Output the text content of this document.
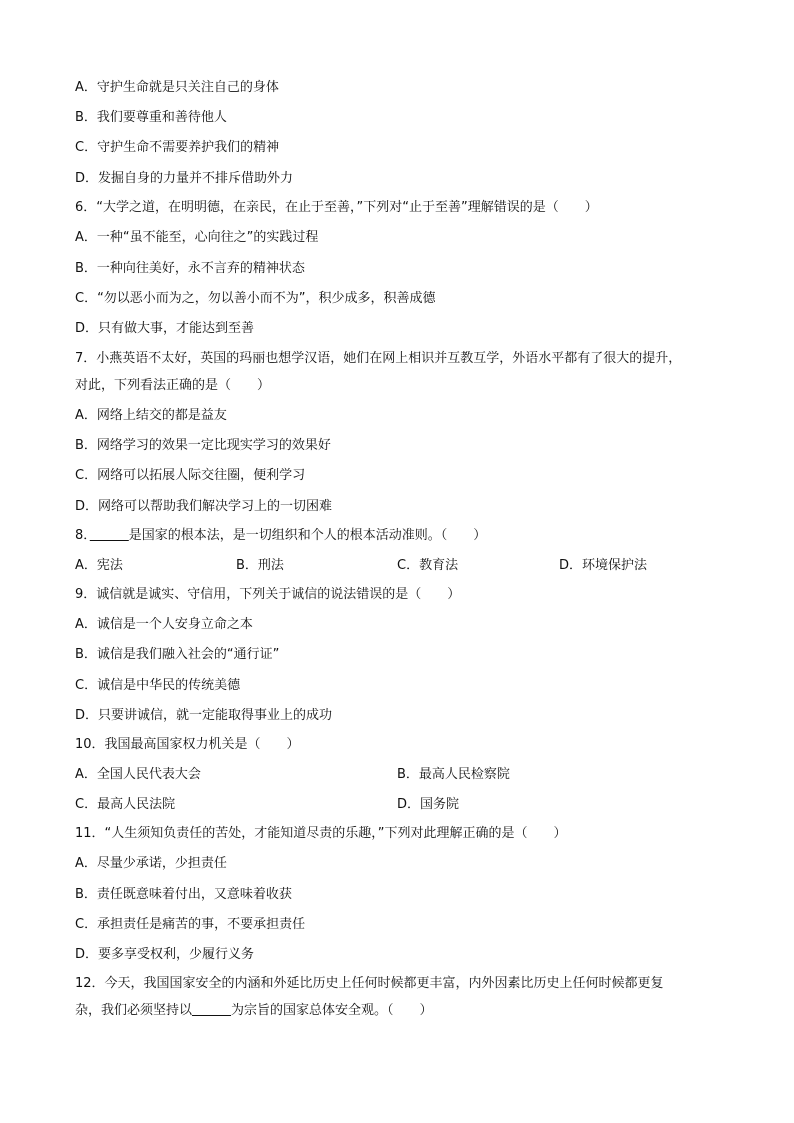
A．守护生命就是只关注自己的身体
B．我们要尊重和善待他人
C．守护生命不需要养护我们的精神
D．发掘自身的力量并不排斥借助外力
6．“大学之道，在明明德，在亲民，在止于至善，”下列对“止于至善”理解错误的是（　　）
A．一种“虽不能至，心向往之”的实践过程
B．一种向往美好，永不言弃的精神状态
C．“勿以恶小而为之，勿以善小而不为”，积少成多，积善成德
D．只有做大事，才能达到至善
7．小燕英语不太好，英国的玛丽也想学汉语，她们在网上相识并互教互学，外语水平都有了很大的提升，
对此，下列看法正确的是（　　）
A．网络上结交的都是益友
B．网络学习的效果一定比现实学习的效果好
C．网络可以拓展人际交往圈，便利学习
D．网络可以帮助我们解决学习上的一切困难
8．　　　	是国家的根本法，是一切组织和个人的根本活动准则。（　　）
A．宪法	B．刑法	C．教育法	D．环境保护法
9．诚信就是诚实、守信用，下列关于诚信的说法错误的是（　　）
A．诚信是一个人安身立命之本
B．诚信是我们融入社会的“通行证”
C．诚信是中华民的传统美德
D．只要讲诚信，就一定能取得事业上的成功
10．我国最高国家权力机关是（　　）
A．全国人民代表大会	B．最高人民检察院
C．最高人民法院	D．国务院
11．“人生须知负责任的苦处，才能知道尽责的乐趣，”下列对此理解正确的是（　　）
A．尽量少承诺，少担责任
B．责任既意味着付出，又意味着收获
C．承担责任是痛苦的事，不要承担责任
D．要多享受权利，少履行义务
12．今天，我国国家安全的内涵和外延比历史上任何时候都更丰富，内外因素比历史上任何时候都更复
杂，我们必须坚持以　　　	为宗旨的国家总体安全观。（　　）
